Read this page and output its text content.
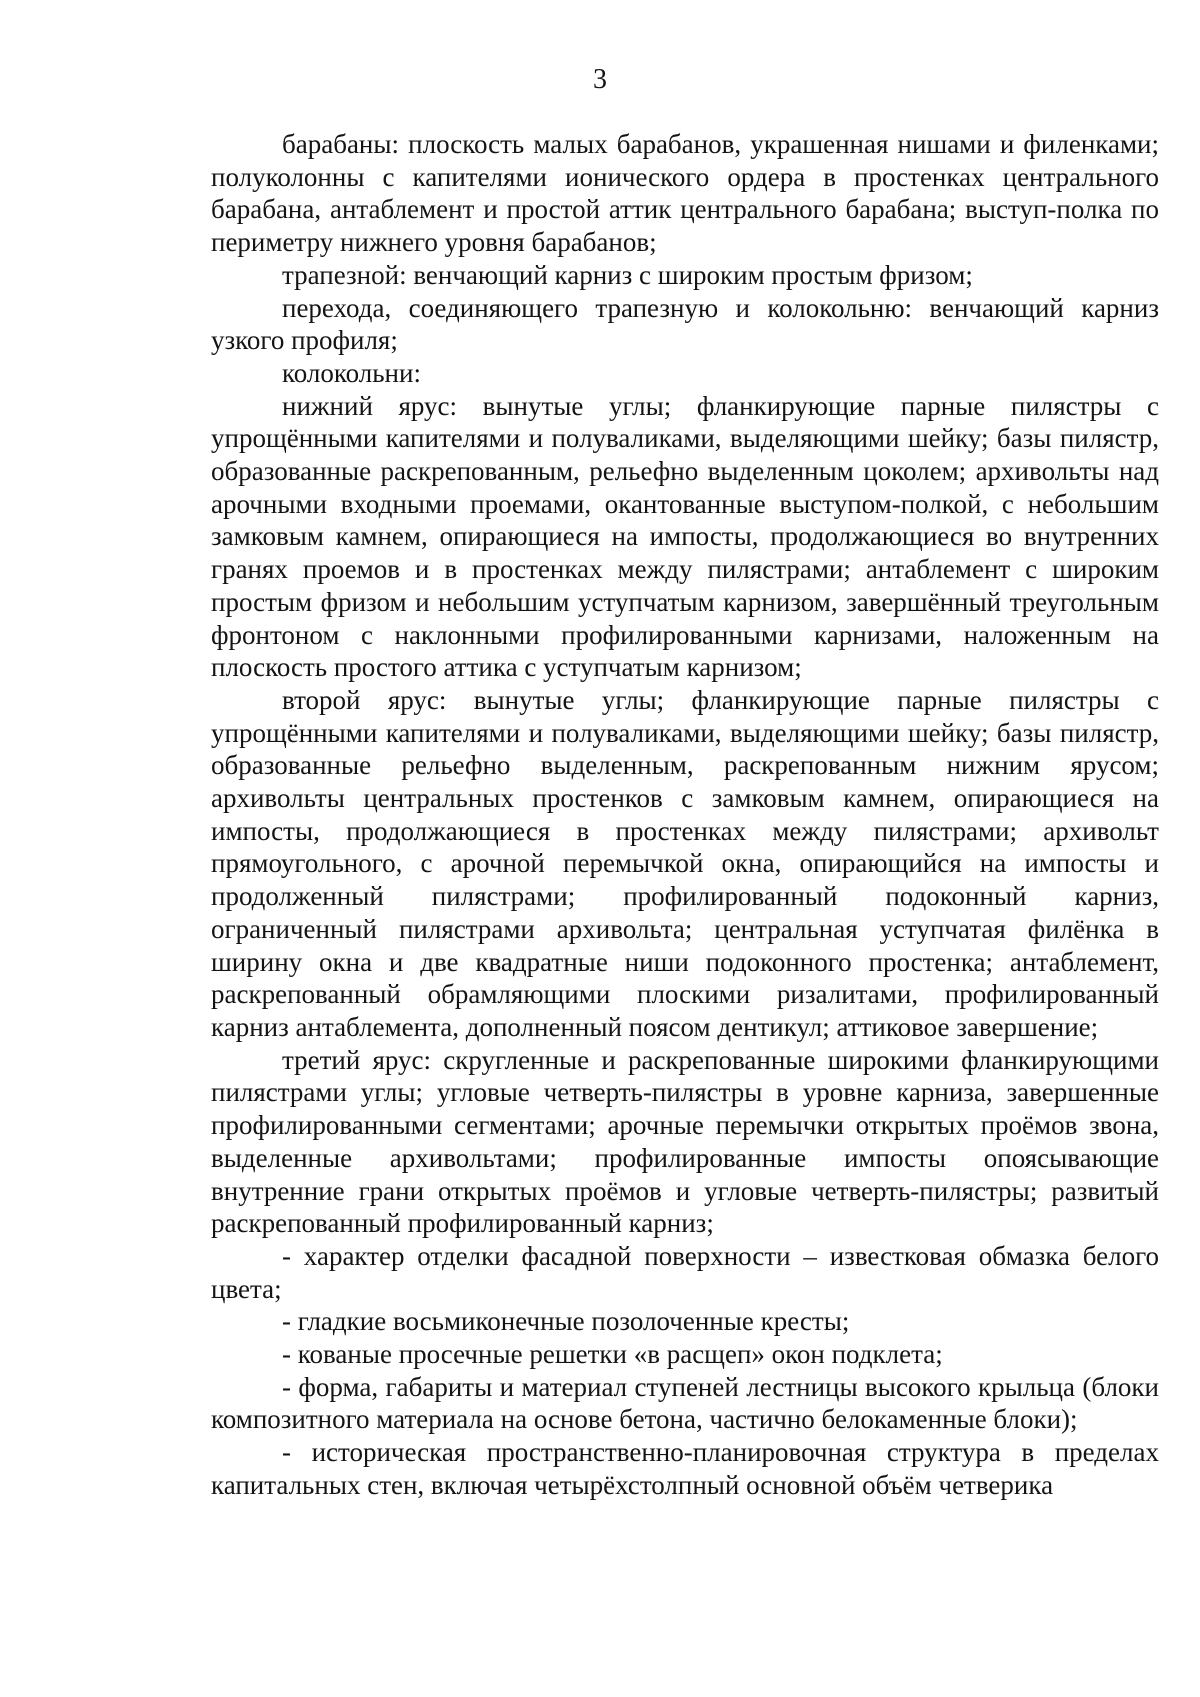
3

барабаны: плоскость малых барабанов, украшенная нишами и филенками; полуколонны с капителями ионического ордера в простенках центрального барабана, антаблемент и простой аттик центрального барабана; выступ-полка по периметру нижнего уровня барабанов;

трапезной: венчающий карниз с широким простым фризом;

перехода, соединяющего трапезную и колокольню: венчающий карниз узкого профиля;

колокольни:

нижний ярус: вынутые углы; фланкирующие парные пилястры с упрощёнными капителями и полуваликами, выделяющими шейку; базы пилястр, образованные раскрепованным, рельефно выделенным цоколем; архивольты над арочными входными проемами, окантованные выступом-полкой, с небольшим замковым камнем, опирающиеся на импосты, продолжающиеся во внутренних гранях проемов и в простенках между пилястрами; антаблемент с широким простым фризом и небольшим уступчатым карнизом, завершённый треугольным фронтоном с наклонными профилированными карнизами, наложенным на плоскость простого аттика с уступчатым карнизом;

второй ярус: вынутые углы; фланкирующие парные пилястры с упрощёнными капителями и полуваликами, выделяющими шейку; базы пилястр, образованные рельефно выделенным, раскрепованным нижним ярусом; архивольты центральных простенков с замковым камнем, опирающиеся на импосты, продолжающиеся в простенках между пилястрами; архивольт прямоугольного, с арочной перемычкой окна, опирающийся на импосты и продолженный пилястрами; профилированный подоконный карниз, ограниченный пилястрами архивольта; центральная уступчатая филёнка в ширину окна и две квадратные ниши подоконного простенка; антаблемент, раскрепованный обрамляющими плоскими ризалитами, профилированный карниз антаблемента, дополненный поясом дентикул; аттиковое завершение;

третий ярус: скругленные и раскрепованные широкими фланкирующими пилястрами углы; угловые четверть-пилястры в уровне карниза, завершенные профилированными сегментами; арочные перемычки открытых проёмов звона, выделенные архивольтами; профилированные импосты опоясывающие внутренние грани открытых проёмов и угловые четверть-пилястры; развитый раскрепованный профилированный карниз;

- характер отделки фасадной поверхности – известковая обмазка белого цвета;

- гладкие восьмиконечные позолоченные кресты;

- кованые просечные решетки «в расщеп» окон подклета;

- форма, габариты и материал ступеней лестницы высокого крыльца (блоки композитного материала на основе бетона, частично белокаменные блоки);

- историческая пространственно-планировочная структура в пределах капитальных стен, включая четырёхстолпный основной объём четверика
